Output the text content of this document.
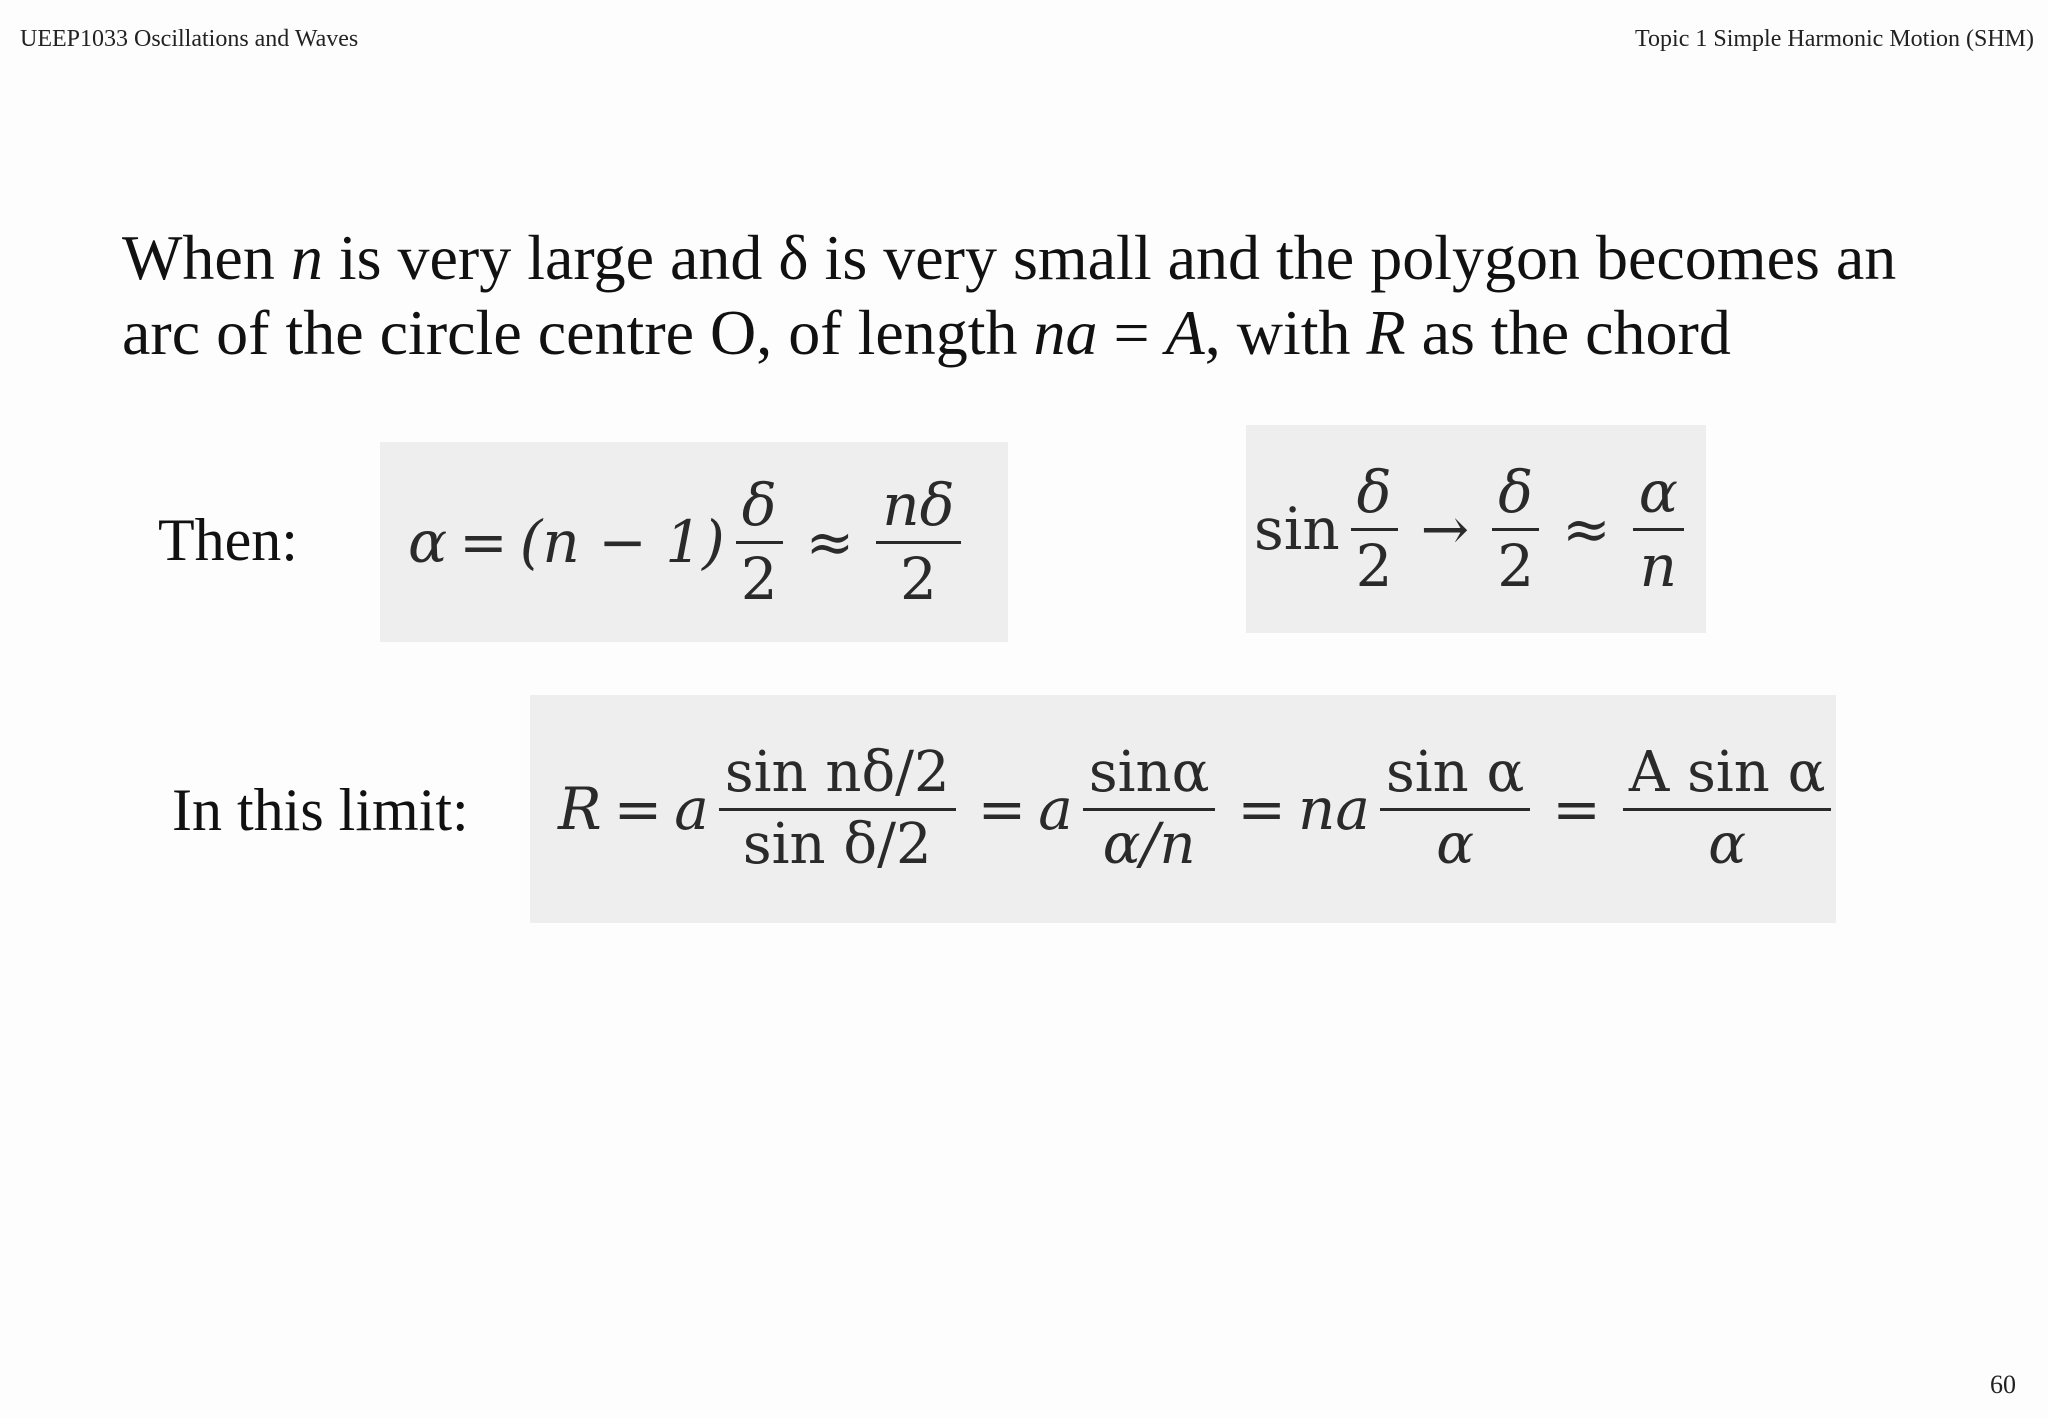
UEEP1033 Oscillations and Waves	Topic 1 Simple Harmonic Motion (SHM)
When n is very large and δ is very small and the polygon becomes an arc of the circle centre O, of length na = A, with R as the chord
Then: $\alpha = (n - 1) \frac{\delta}{2} \approx \frac{n\delta}{2}$	$\sin \frac{\delta}{2} \to \frac{\delta}{2} \approx \frac{\alpha}{n}$
In this limit: R = a $\frac{\text{sin nδ/2}}{\text{sin δ/2}} = a \frac{\sin\alpha}{\alpha/n}$ = na $\frac{\text{sin α}}{\alpha} = \frac{\text{A sin α}}{\alpha}$
60
